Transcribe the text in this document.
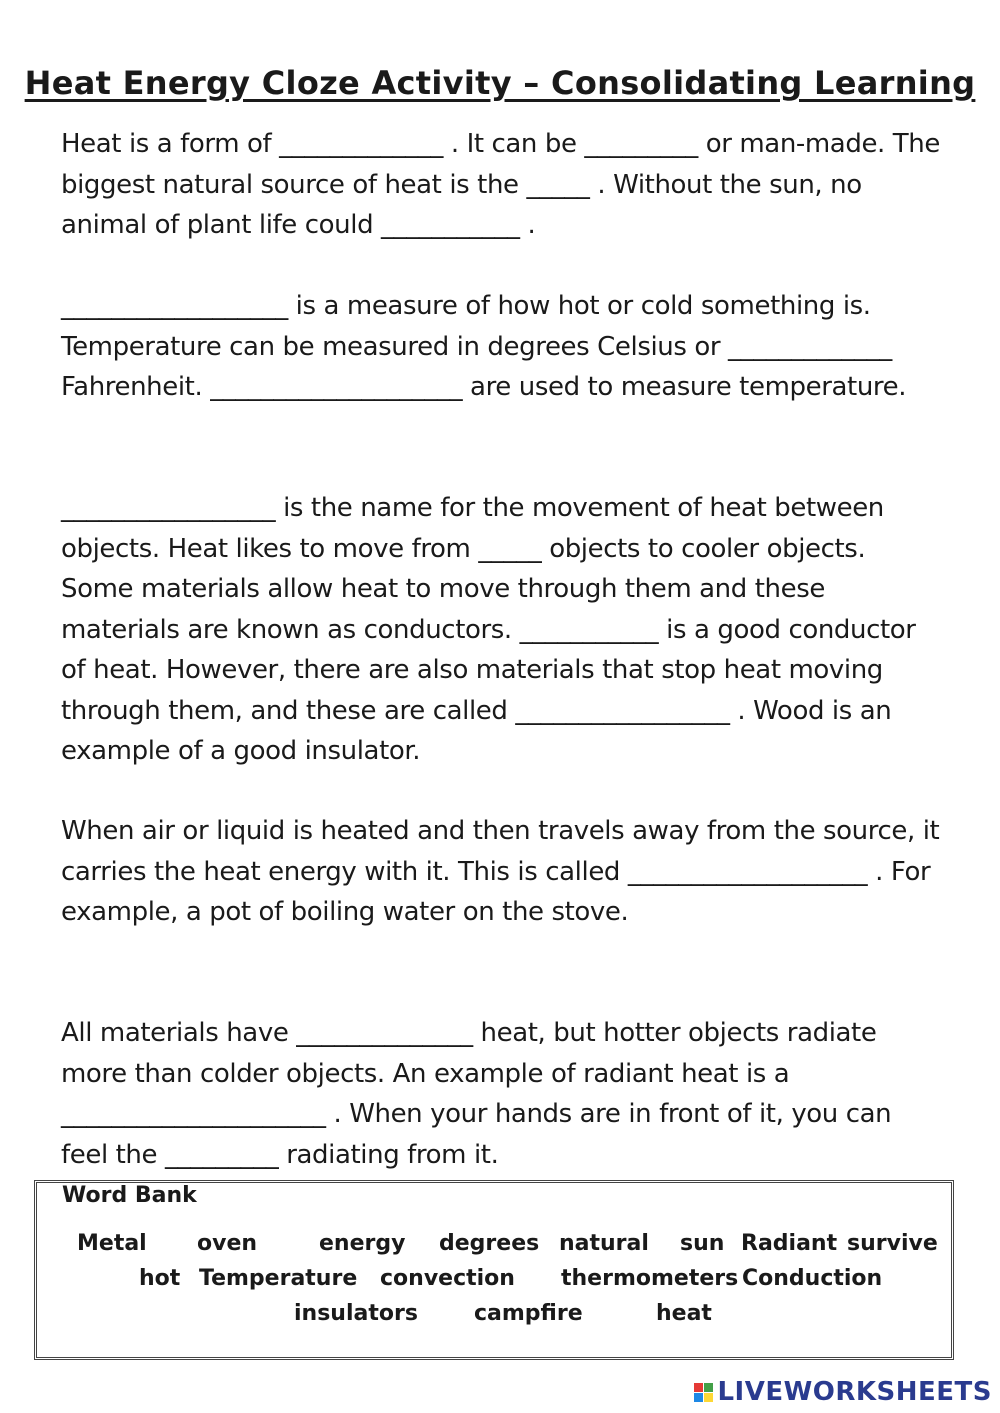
Heat Energy Cloze Activity – Consolidating Learning
Heat is a form of _____________ . It can be _________ or man-made. The biggest natural source of heat is the _____ . Without the sun, no animal of plant life could ___________ .
__________________ is a measure of how hot or cold something is. Temperature can be measured in degrees Celsius or _____________ Fahrenheit. ____________________ are used to measure temperature.
_________________ is the name for the movement of heat between objects. Heat likes to move from _____ objects to cooler objects. Some materials allow heat to move through them and these materials are known as conductors. ___________ is a good conductor of heat. However, there are also materials that stop heat moving through them, and these are called _________________ . Wood is an example of a good insulator.
When air or liquid is heated and then travels away from the source, it carries the heat energy with it. This is called ___________________ . For example, a pot of boiling water on the stove.
All materials have ______________ heat, but hotter objects radiate more than colder objects. An example of radiant heat is a _____________________ . When your hands are in front of it, you can feel the _________ radiating from it.
Word Bank
Metal oven	energy degrees natural sun Radiant survive
hot Temperature convection thermometers Conduction
insulators	campfire	heat
LIVEWORKSHEETS
